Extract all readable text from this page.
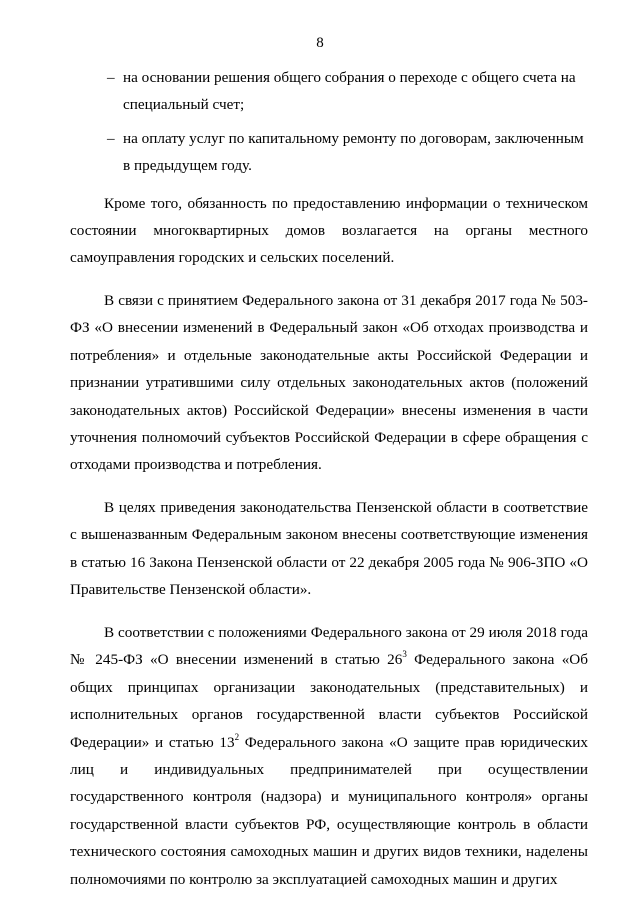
8
– на основании решения общего собрания о переходе с общего счета на специальный счет;
– на оплату услуг по капитальному ремонту по договорам, заключенным в предыдущем году.

Кроме того, обязанность по предоставлению информации о техническом состоянии многоквартирных домов возлагается на органы местного самоуправления городских и сельских поселений.

В связи с принятием Федерального закона от 31 декабря 2017 года № 503-ФЗ «О внесении изменений в Федеральный закон «Об отходах производства и потребления» и отдельные законодательные акты Российской Федерации и признании утратившими силу отдельных законодательных актов (положений законодательных актов) Российской Федерации» внесены изменения в части уточнения полномочий субъектов Российской Федерации в сфере обращения с отходами производства и потребления.

В целях приведения законодательства Пензенской области в соответствие с вышеназванным Федеральным законом внесены соответствующие изменения в статью 16 Закона Пензенской области от 22 декабря 2005 года № 906-ЗПО «О Правительстве Пензенской области».

В соответствии с положениями Федерального закона от 29 июля 2018 года № 245-ФЗ «О внесении изменений в статью $26^3$ Федерального закона «Об общих принципах организации законодательных (представительных) и исполнительных органов государственной власти субъектов Российской Федерации» и статью $13^2$ Федерального закона «О защите прав юридических лиц и индивидуальных предпринимателей при осуществлении государственного контроля (надзора) и муниципального контроля» органы государственной власти субъектов РФ, осуществляющие контроль в области технического состояния самоходных машин и других видов техники, наделены полномочиями по контролю за эксплуатацией самоходных машин и других
